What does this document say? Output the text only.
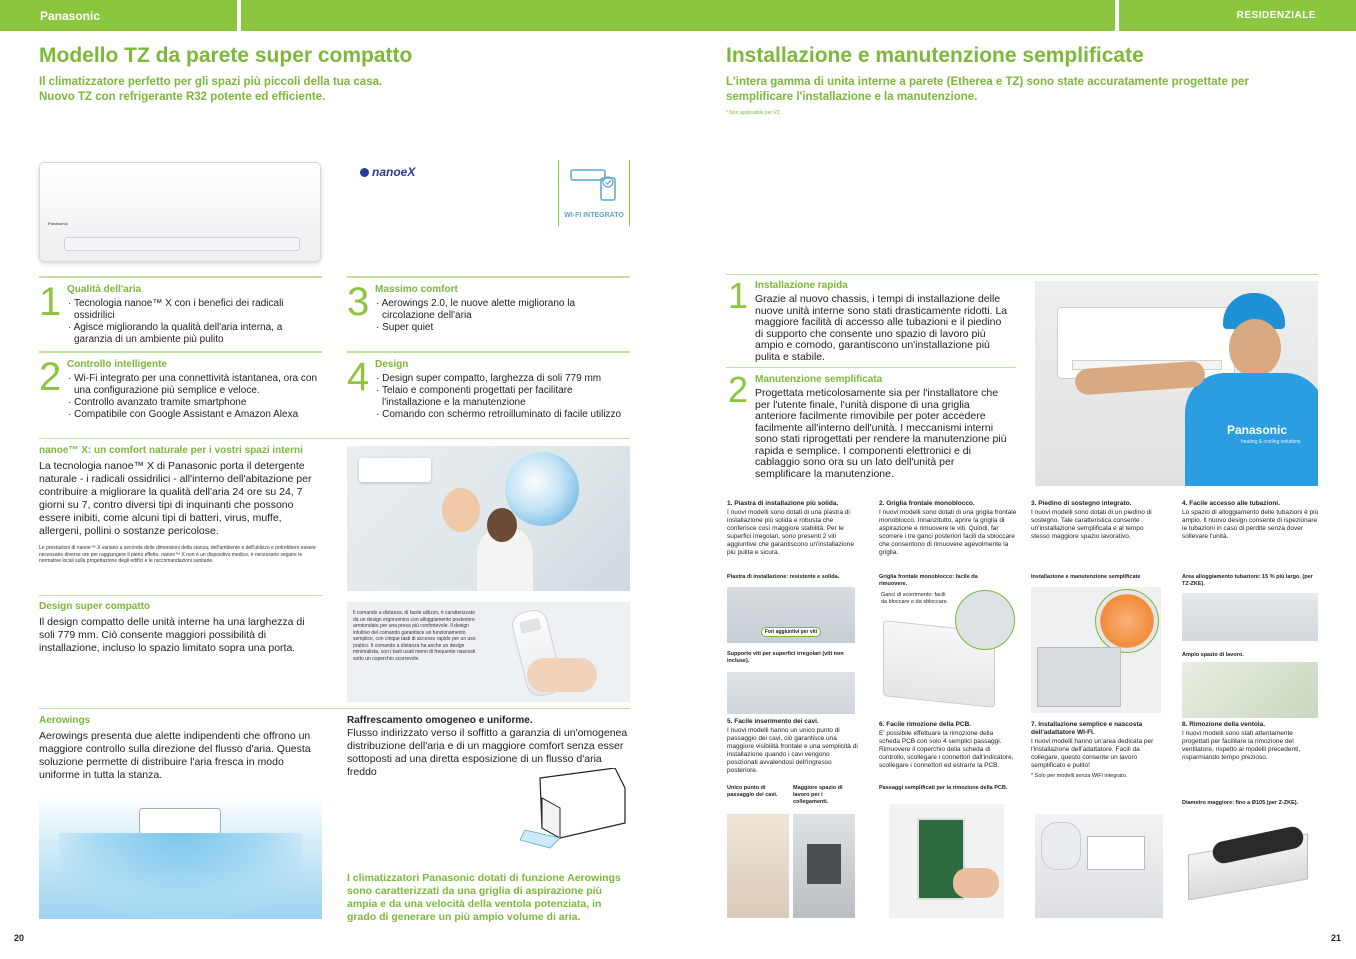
Panasonic	RESIDENZIALE
Modello TZ da parete super compatto
Il climatizzatore perfetto per gli spazi più piccoli della tua casa.
Nuovo TZ con refrigerante R32 potente ed efficiente.
Panasonic
nanoeX
WI-FI INTEGRATO
1 Qualità dell'aria
· Tecnologia nanoe™ X con i benefici dei radicali ossidrilici
· Agisce migliorando la qualità dell'aria interna, a garanzia di un ambiente più pulito
2 Controllo intelligente
· Wi-Fi integrato per una connettività istantanea, ora con una configurazione più semplice e veloce.
· Controllo avanzato tramite smartphone
· Compatibile con Google Assistant e Amazon Alexa
3 Massimo comfort
· Aerowings 2.0, le nuove alette migliorano la circolazione dell'aria
· Super quiet
4 Design
· Design super compatto, larghezza di soli 779 mm
· Telaio e componenti progettati per facilitare l'installazione e la manutenzione
· Comando con schermo retroilluminato di facile utilizzo
nanoe™ X: un comfort naturale per i vostri spazi interni
La tecnologia nanoe™ X di Panasonic porta il detergente naturale - i radicali ossidrilici - all'interno dell'abitazione per contribuire a migliorare la qualità dell'aria 24 ore su 24, 7 giorni su 7, contro diversi tipi di inquinanti che possono essere inibiti, come alcuni tipi di batteri, virus, muffe, allergeni, pollini o sostanze pericolose.
Le prestazioni di nanoe™ X variano a seconda delle dimensioni della stanza, dell'ambiente e dell'utilizzo e potrebbero essere necessarie diverse ore per raggiungere il pieno effetto. nanoe™ X non è un dispositivo medico, è necessario seguire le normative locali sulla progettazione degli edifici e le raccomandazioni sanitarie.
Design super compatto
Il design compatto delle unità interne ha una larghezza di soli 779 mm. Ciò consente maggiori possibilità di installazione, incluso lo spazio limitato sopra una porta.
Il comando a distanza, di facile utilizzo, è caratterizzato da un design ergonomico con alloggiamento posteriore arrotondato per una presa più confortevole. Il design intuitivo del comando garantisce un funzionamento semplice, con cinque tasti di accesso rapido per un uso pratico. Il comando a distanza ha anche un design minimalista, con i tasti usati meno di frequente nascosti sotto un coperchio scorrevole.
Aerowings
Aerowings presenta due alette indipendenti che offrono un maggiore controllo sulla direzione del flusso d'aria. Questa soluzione permette di distribuire l'aria fresca in modo uniforme in tutta la stanza.
Raffrescamento omogeneo e uniforme.
Flusso indirizzato verso il soffitto a garanzia di un'omogenea distribuzione dell'aria e di un maggiore comfort senza esser sottoposti ad una diretta esposizione di un flusso d'aria freddo
I climatizzatori Panasonic dotati di funzione Aerowings sono caratterizzati da una griglia di aspirazione più ampia e da una velocità della ventola potenziata, in grado di generare un più ampio volume di aria.
20
Installazione e manutenzione semplificate
L'intera gamma di unita interne a parete (Etherea e TZ) sono state accuratamente progettate per semplificare l'installazione e la manutenzione.
* Non applicabile per VZ.
1 Installazione rapida
Grazie al nuovo chassis, i tempi di installazione delle nuove unità interne sono stati drasticamente ridotti. La maggiore facilità di accesso alle tubazioni e il piedino di supporto che consente uno spazio di lavoro più ampio e comodo, garantiscono un'installazione più pulita e stabile.
2 Manutenzione semplificata
Progettata meticolosamente sia per l'installatore che per l'utente finale, l'unità dispone di una griglia anteriore facilmente rimovibile per poter accedere facilmente all'interno dell'unità. I meccanismi interni sono stati riprogettati per rendere la manutenzione più rapida e semplice. I componenti elettronici e di cablaggio sono ora su un lato dell'unità per semplificare la manutenzione.
Panasonic
heating & cooling solutions
1. Piastra di installazione più solida.
I nuovi modelli sono dotati di una piastra di installazione più solida e robusta che conferisce così maggiore stabilità. Per le superfici irregolari, sono presenti 2 viti aggiuntive che garantiscono un'installazione più pulita e sicura.
Piastra di installazione: resistente e solida.
2. Griglia frontale monoblocco.
I nuovi modelli sono dotati di una griglia frontale monoblocco. Innanzitutto, aprire la griglia di aspirazione e rimuovere le viti. Quindi, far scorrere i tre ganci posteriori facili da sbloccare che consentono di rimuovere agevolmente la griglia.
Griglia frontale monoblocco: facile da rimuovere.
3. Piedino di sostegno integrato.
I nuovi modelli sono dotati di un piedino di sostegno. Tale caratteristica consente un'installazione semplificata e al tempo stesso maggiore spazio lavorativo.
Installazione e manutenzione semplificate
4. Facile accesso alle tubazioni.
Lo spazio di alloggiamento delle tubazioni è più ampio. Il nuovo design consente di ispezionare le tubazioni in caso di perdite senza dover sollevare l'unità.
Area alloggiamento tubazioni: 15 % più largo. (per TZ-ZKE).
Fori aggiuntivi per viti
Supporto viti per superfici irregolari (viti non incluse).
Ganci di scorrimento: facili da bloccare e da sbloccare.
Ampio spazio di lavoro.
5. Facile inserimento dei cavi.
I nuovi modelli hanno un unico punto di passaggio dei cavi, ciò garantisce una maggiore visibilità frontale e una semplicità di installazione quando i cavi vengono posizionati avvalendosi dell'ingresso posteriore.
Unico punto di passaggio dei cavi.
Maggiore spazio di lavoro per i collegamenti.
6. Facile rimozione della PCB.
E' possibile effettuare la rimozione della scheda PCB con solo 4 semplici passaggi. Rimuovere il coperchio della scheda di controllo, scollegare i connettori dall'indicatore, scollegare i connettori ed estrarre la PCB.
Passaggi semplificati per la rimozione della PCB.
7. Installazione semplice e nascosta dell'adattatore WI-FI.
I nuovi modelli hanno un'area dedicata per l'installazione dell'adattatore. Facili da collegare, questo consente un lavoro semplificato e pulito!
* Solo per modelli senza WiFi integrato.
8. Rimozione della ventola.
I nuovi modelli sono stati attentamente progettati per facilitare la rimozione del ventilatore, rispetto ai modelli precedenti, risparmiando tempo prezioso.
Diametro maggiore: fino a Ø105 (per Z-ZKE).
21
